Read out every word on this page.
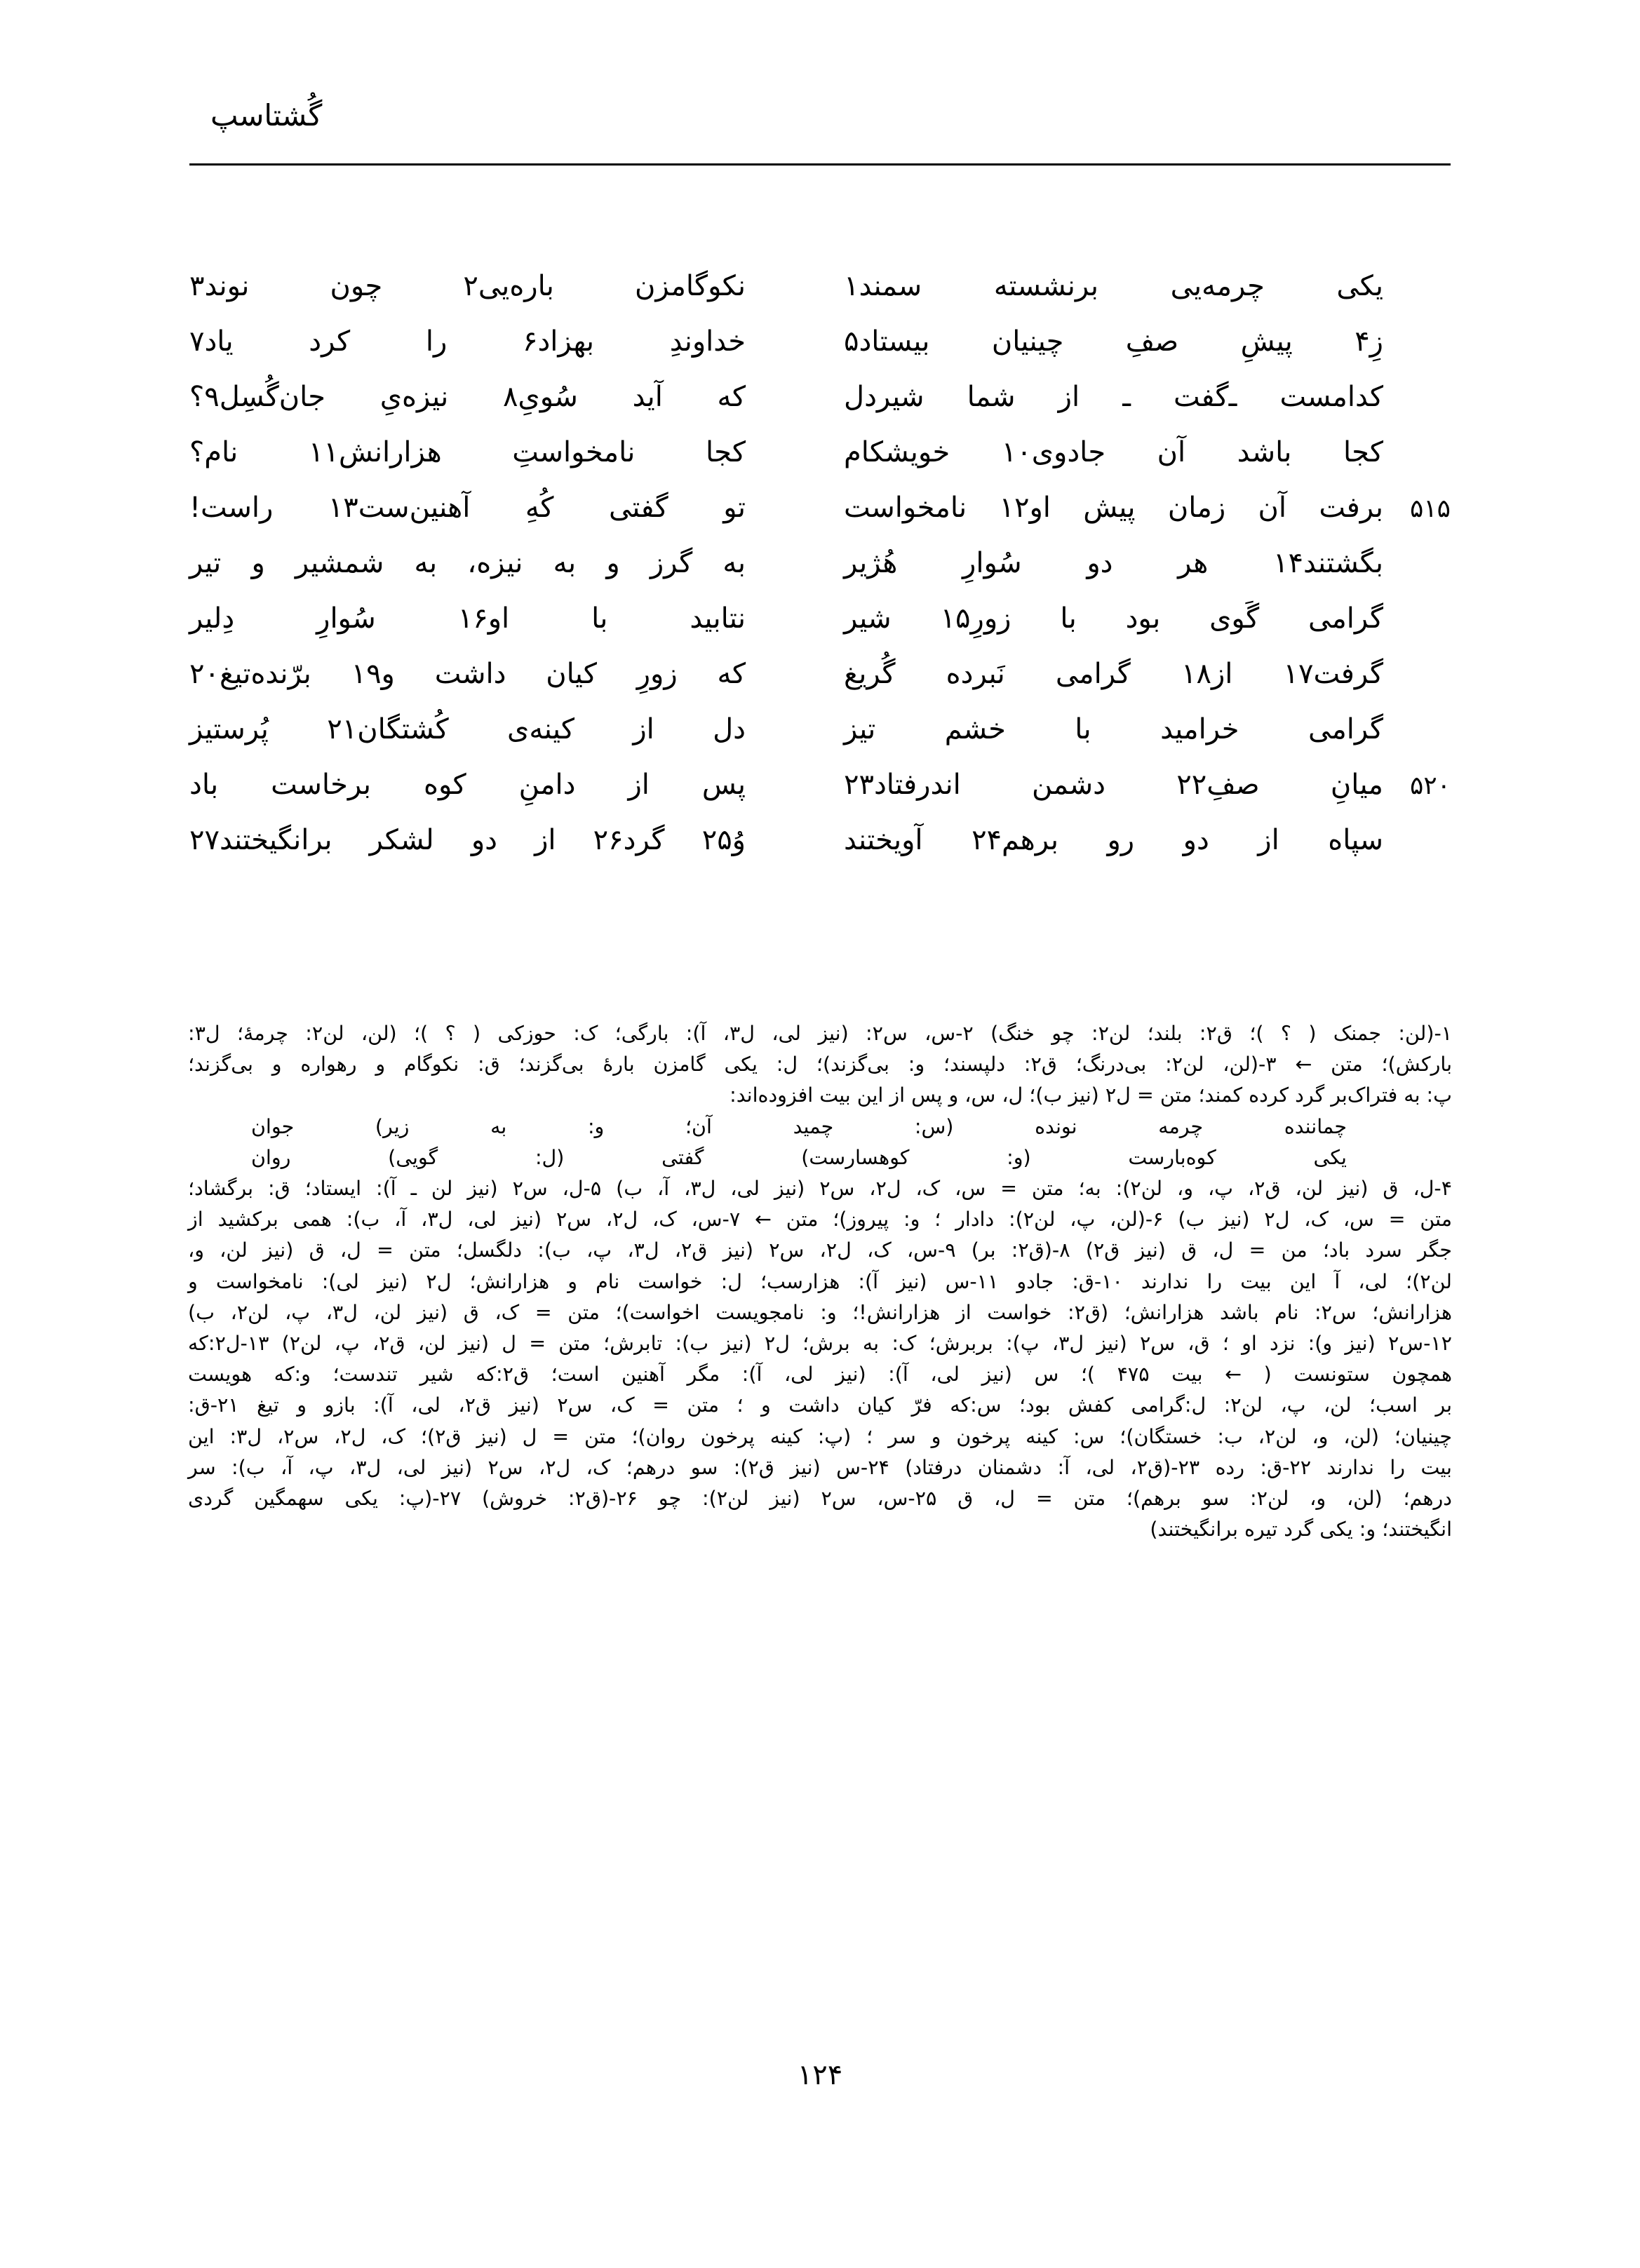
گُشتاسپ
یکی چرمه‌یی برنشسته سمند۱
نکوگامزن باره‌یی۲ چون نوند۳
زِ۴ پیشِ صفِ چینیان بیستاد۵
خداوندِ بهزاد۶ را کرد یاد۷
کدامست ـ‌گفت ـ از شما شیردل
که آید سُویِ۸ نیزه‌یِ جان‌گُسِل۹؟
کجا باشد آن جادوی۱۰ خویشکام
کجا نامخواستِ هزارانش۱۱ نام؟
۵۱۵
برفت آن زمان پیش او۱۲ نامخواست
تو گفتی کُهِ آهنین‌ست۱۳ راست!
بگشتند۱۴ هر دو سُوارِ هُژیر
به گرز و به نیزه، به شمشیر و تیر
گرامی گَوی بود با زورِ۱۵ شیر
نتابید با او۱۶ سُوارِ دِلیر
گرفت۱۷ از۱۸ گرامی نَبرده گُریغ
که زورِ کیان داشت و۱۹ برّنده‌تیغ۲۰
گرامی خرامید با خشم تیز
دل از کینه‌ی کُشتگان۲۱ پُرستیز
۵۲۰
میانِ صفِ۲۲ دشمن اندرفتاد۲۳
پس از دامنِ کوه برخاست باد
سپاه از دو رو برهم۲۴ آویختند
وُ۲۵ گرد۲۶ از دو لشکر برانگیختند۲۷
۱-(لن: جمنک ( ؟ )؛ ق۲: بلند؛ لن۲: چو خنگ) ۲-س، س۲: (نیز لی، ل۳، آ): بارگی؛ ک: حوزکی ( ؟ )؛ (لن، لن۲: چرمهٔ؛ ل۳:
بارکش)؛ متن ← ۳-(لن، لن۲: بی‌درنگ؛ ق۲: دلپسند؛ و: بی‌گزند)؛ ل: یکی گامزن بارهٔ بی‌گزند؛ ق: نکوگام و رهواره و بی‌گزند؛
پ: به فتراک‌بر گرد کرده کمند؛ متن = ل۲ (نیز ب)؛ ل، س، و پس از این بیت افزوده‌اند:
چماننده چرمه نونده (س: چمید آن؛ و: به زیر) جوان
یکی کوه‌بارست (و: کوهسارست) گفتی (ل: گویی) روان
۴-ل، ق (نیز لن، ق۲، پ، و، لن۲): به؛ متن = س، ک، ل۲، س۲ (نیز لی، ل۳، آ، ب) ۵-ل، س۲ (نیز لن ـ آ): ایستاد؛ ق: برگشاد؛
متن = س، ک، ل۲ (نیز ب) ۶-(لن، پ، لن۲): دادار ؛ و: پیروز)؛ متن ← ۷-س، ک، ل۲، س۲ (نیز لی، ل۳، آ، ب): همی برکشید از
جگر سرد باد؛ من = ل، ق (نیز ق۲) ۸-(ق۲: بر) ۹-س، ک، ل۲، س۲ (نیز ق۲، ل۳، پ، ب): دلگسل؛ متن = ل، ق (نیز لن، و،
لن۲)؛ لی، آ این بیت را ندارند ۱۰-ق: جادو ۱۱-س (نیز آ): هزارسب؛ ل: خواست نام و هزارانش؛ ل۲ (نیز لی): نامخواست و
هزارانش؛ س۲: نام باشد هزارانش؛ (ق۲: خواست از هزارانش!؛ و: نامجویست اخواست)؛ متن = ک، ق (نیز لن، ل۳، پ، لن۲، ب)
۱۲-س۲ (نیز و): نزد او ؛ ق، س۲ (نیز ل۳، پ): بربرش؛ ک: به برش؛ ل۲ (نیز ب): تابرش؛ متن = ل (نیز لن، ق۲، پ، لن۲) ۱۳-ل۲:که
همچون ستونست ( ← بیت ۴۷۵ )؛ س (نیز لی، آ): (نیز لی، آ): مگر آهنین است؛ ق۲:که شیر تندست؛ و:که هویست
بر اسب؛ لن، پ، لن۲: ل:گرامی کفش بود؛ س:که فرّ کیان داشت و ؛ متن = ک، س۲ (نیز ق۲، لی، آ): بازو و تیغ ۲۱-ق:
چینیان؛ (لن، و، لن۲، ب: خستگان)؛ س: کینه پرخون و سر ؛ (پ: کینه پرخون روان)؛ متن = ل (نیز ق۲)؛ ک، ل۲، س۲، ل۳: این
بیت را ندارند ۲۲-ق: رده ۲۳-(ق۲، لی، آ: دشمنان درفتاد) ۲۴-س (نیز ق۲): سو درهم؛ ک، ل۲، س۲ (نیز لی، ل۳، پ، آ، ب): سر
درهم؛ (لن، و، لن۲: سو برهم)؛ متن = ل، ق ۲۵-س، س۲ (نیز لن۲): چو ۲۶-(ق۲: خروش) ۲۷-(پ: یکی سهمگین گردی
انگیختند؛ و: یکی گرد تیره برانگیختند)
۱۲۴
